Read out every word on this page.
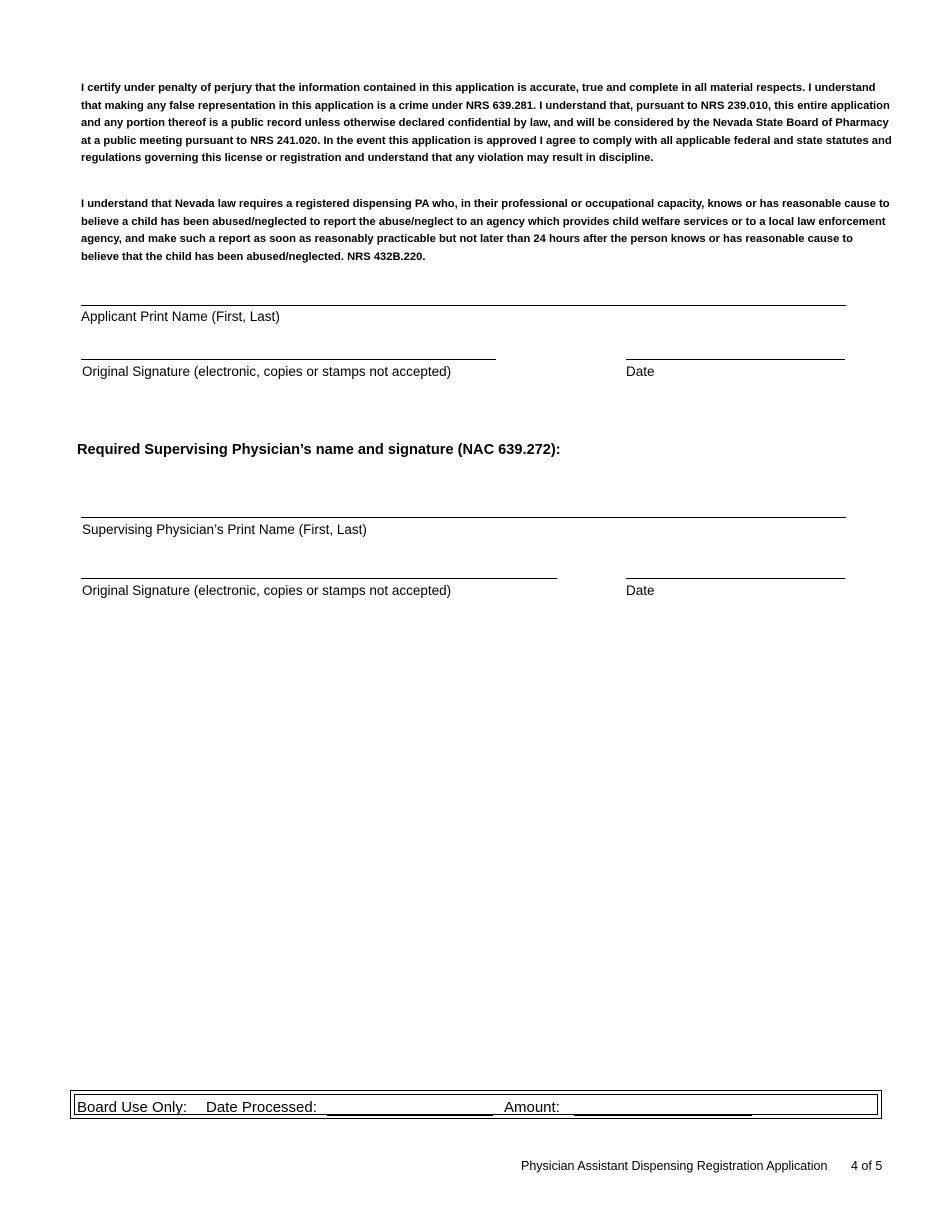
I certify under penalty of perjury that the information contained in this application is accurate, true and complete in all material respects. I understand that making any false representation in this application is a crime under NRS 639.281. I understand that, pursuant to NRS 239.010, this entire application and any portion thereof is a public record unless otherwise declared confidential by law, and will be considered by the Nevada State Board of Pharmacy at a public meeting pursuant to NRS 241.020. In the event this application is approved I agree to comply with all applicable federal and state statutes and regulations governing this license or registration and understand that any violation may result in discipline.

I understand that Nevada law requires a registered dispensing PA who, in their professional or occupational capacity, knows or has reasonable cause to believe a child has been abused/neglected to report the abuse/neglect to an agency which provides child welfare services or to a local law enforcement agency, and make such a report as soon as reasonably practicable but not later than 24 hours after the person knows or has reasonable cause to believe that the child has been abused/neglected. NRS 432B.220.

Applicant Print Name (First, Last)
Original Signature (electronic, copies or stamps not accepted)	Date
Required Supervising Physician’s name and signature (NAC 639.272):
Supervising Physician’s Print Name (First, Last)
Original Signature (electronic, copies or stamps not accepted)	Date
Board Use Only: Date Processed:	Amount:
Physician Assistant Dispensing Registration Application 4 of 5
